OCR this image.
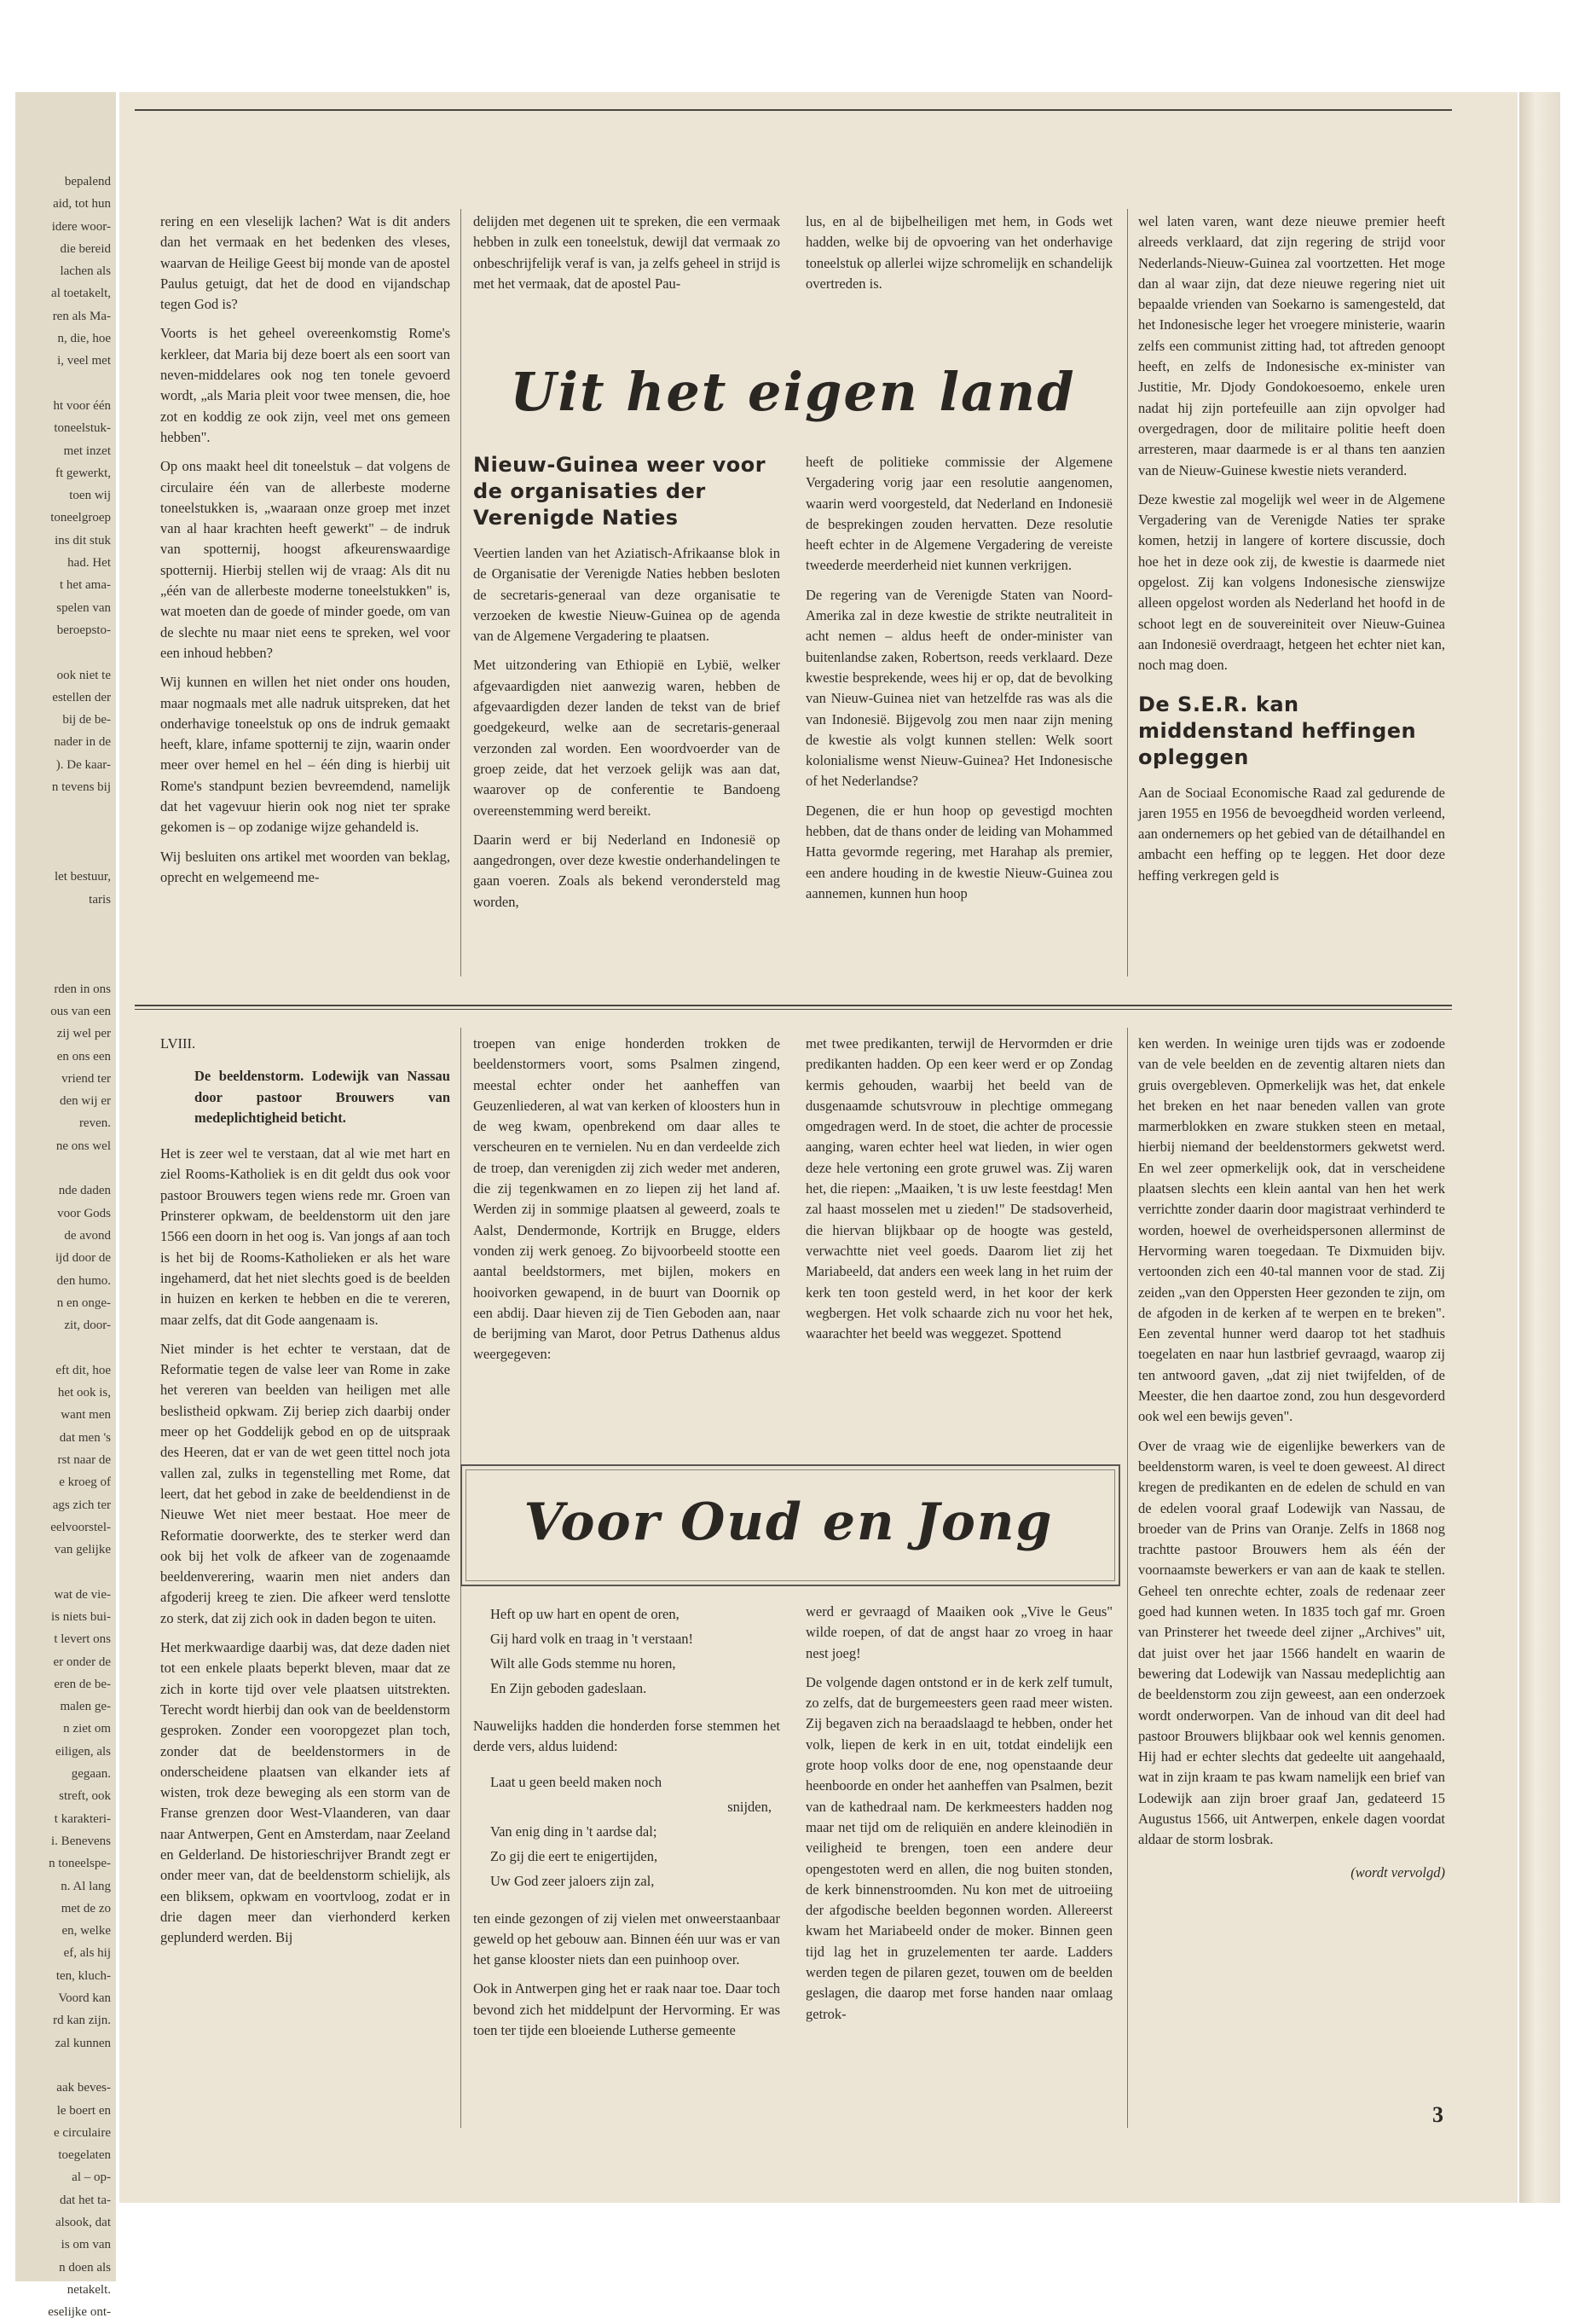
bepalend
aid, tot hun
idere woor-
die bereid
lachen als
al toetakelt,
ren als Ma-
n, die, hoe
i, veel met

ht voor één
toneelstuk-
met inzet
ft gewerkt,
toen wij
toneelgroep
ins dit stuk
had. Het
t het ama-
spelen van
beroepsto-

ook niet te
estellen der
bij de be-
nader in de
). De kaar-
n tevens bij

let bestuur,
taris

rden in ons
ous van een
zij wel per
en ons een
vriend ter
den wij er
reven.
ne ons wel

nde daden
voor Gods
de avond
ijd door de
den humo.
n en onge-
zit, door-

eft dit, hoe
het ook is,
want men
dat men 's
rst naar de
e kroeg of
ags zich ter
eelvoorstel-
van gelijke

wat de vie-
is niets bui-
t levert ons
er onder de
eren de be-
malen ge-
n ziet om
eiligen, als
gegaan.
streft, ook
t karakteri-
i. Benevens
n toneelspe-
n. Al lang
met de zo
en, welke
ef, als hij
ten, kluch-
Voord kan
rd kan zijn.
zal kunnen

aak beves-
le boert en
e circulaire
toegelaten
al – op-
dat het ta-
alsook, dat
is om van
n doen als
netakelt.
eselijke ont-

rering en een vleselijk lachen? Wat is dit anders dan het vermaak en het bedenken des vleses, waarvan de Heilige Geest bij monde van de apostel Paulus getuigt, dat het de dood en vijandschap tegen God is?

Voorts is het geheel overeenkomstig Rome's kerkleer, dat Maria bij deze boert als een soort van neven-middelares ook nog ten tonele gevoerd wordt, „als Maria pleit voor twee mensen, die, hoe zot en koddig ze ook zijn, veel met ons gemeen hebben".

Op ons maakt heel dit toneelstuk – dat volgens de circulaire één van de allerbeste moderne toneelstukken is, „waaraan onze groep met inzet van al haar krachten heeft gewerkt" – de indruk van spotternij, hoogst afkeurenswaardige spotternij. Hierbij stellen wij de vraag: Als dit nu „één van de allerbeste moderne toneelstukken" is, wat moeten dan de goede of minder goede, om van de slechte nu maar niet eens te spreken, wel voor een inhoud hebben?

Wij kunnen en willen het niet onder ons houden, maar nogmaals met alle nadruk uitspreken, dat het onderhavige toneelstuk op ons de indruk gemaakt heeft, klare, infame spotternij te zijn, waarin onder meer over hemel en hel – één ding is hierbij uit Rome's standpunt bezien bevreemdend, namelijk dat het vagevuur hierin ook nog niet ter sprake gekomen is – op zodanige wijze gehandeld is.

Wij besluiten ons artikel met woorden van beklag, oprecht en welgemeend me-

delijden met degenen uit te spreken, die een vermaak hebben in zulk een toneelstuk, dewijl dat vermaak zo onbeschrijfelijk veraf is van, ja zelfs geheel in strijd is met het vermaak, dat de apostel Pau-

lus, en al de bijbelheiligen met hem, in Gods wet hadden, welke bij de opvoering van het onderhavige toneelstuk op allerlei wijze schromelijk en schandelijk overtreden is.

wel laten varen, want deze nieuwe premier heeft alreeds verklaard, dat zijn regering de strijd voor Nederlands-Nieuw-Guinea zal voortzetten. Het moge dan al waar zijn, dat deze nieuwe regering niet uit bepaalde vrienden van Soekarno is samengesteld, dat het Indonesische leger het vroegere ministerie, waarin zelfs een communist zitting had, tot aftreden genoopt heeft, en zelfs de Indonesische ex-minister van Justitie, Mr. Djody Gondokoesoemo, enkele uren nadat hij zijn portefeuille aan zijn opvolger had overgedragen, door de militaire politie heeft doen arresteren, maar daarmede is er al thans ten aanzien van de Nieuw-Guinese kwestie niets veranderd.

Deze kwestie zal mogelijk wel weer in de Algemene Vergadering van de Verenigde Naties ter sprake komen, hetzij in langere of kortere discussie, doch hoe het in deze ook zij, de kwestie is daarmede niet opgelost. Zij kan volgens Indonesische zienswijze alleen opgelost worden als Nederland het hoofd in de schoot legt en de souvereiniteit over Nieuw-Guinea aan Indonesië overdraagt, hetgeen het echter niet kan, noch mag doen.

De S.E.R. kan middenstand heffingen opleggen

Aan de Sociaal Economische Raad zal gedurende de jaren 1955 en 1956 de bevoegdheid worden verleend, aan ondernemers op het gebied van de détailhandel en ambacht een heffing op te leggen. Het door deze heffing verkregen geld is

Uit het eigen land
Nieuw-Guinea weer voor de organisaties der Verenigde Naties

Veertien landen van het Aziatisch-Afrikaanse blok in de Organisatie der Verenigde Naties hebben besloten de secretaris-generaal van deze organisatie te verzoeken de kwestie Nieuw-Guinea op de agenda van de Algemene Vergadering te plaatsen.

Met uitzondering van Ethiopië en Lybië, welker afgevaardigden niet aanwezig waren, hebben de afgevaardigden dezer landen de tekst van de brief goedgekeurd, welke aan de secretaris-generaal verzonden zal worden. Een woordvoerder van de groep zeide, dat het verzoek gelijk was aan dat, waarover op de conferentie te Bandoeng overeenstemming werd bereikt.

Daarin werd er bij Nederland en Indonesië op aangedrongen, over deze kwestie onderhandelingen te gaan voeren. Zoals als bekend verondersteld mag worden,

heeft de politieke commissie der Algemene Vergadering vorig jaar een resolutie aangenomen, waarin werd voorgesteld, dat Nederland en Indonesië de besprekingen zouden hervatten. Deze resolutie heeft echter in de Algemene Vergadering de vereiste tweederde meerderheid niet kunnen verkrijgen.

De regering van de Verenigde Staten van Noord-Amerika zal in deze kwestie de strikte neutraliteit in acht nemen – aldus heeft de onder-minister van buitenlandse zaken, Robertson, reeds verklaard. Deze kwestie besprekende, wees hij er op, dat de bevolking van Nieuw-Guinea niet van hetzelfde ras was als die van Indonesië. Bijgevolg zou men naar zijn mening de kwestie als volgt kunnen stellen: Welk soort kolonialisme wenst Nieuw-Guinea? Het Indonesische of het Nederlandse?

Degenen, die er hun hoop op gevestigd mochten hebben, dat de thans onder de leiding van Mohammed Hatta gevormde regering, met Harahap als premier, een andere houding in de kwestie Nieuw-Guinea zou aannemen, kunnen hun hoop

LVIII.
De beeldenstorm. Lodewijk van Nassau door pastoor Brouwers van medeplichtigheid beticht.

Het is zeer wel te verstaan, dat al wie met hart en ziel Rooms-Katholiek is en dit geldt dus ook voor pastoor Brouwers tegen wiens rede mr. Groen van Prinsterer opkwam, de beeldenstorm uit den jare 1566 een doorn in het oog is. Van jongs af aan toch is het bij de Rooms-Katholieken er als het ware ingehamerd, dat het niet slechts goed is de beelden in huizen en kerken te hebben en die te vereren, maar zelfs, dat dit Gode aangenaam is.

Niet minder is het echter te verstaan, dat de Reformatie tegen de valse leer van Rome in zake het vereren van beelden van heiligen met alle beslistheid opkwam. Zij beriep zich daarbij onder meer op het Goddelijk gebod en op de uitspraak des Heeren, dat er van de wet geen tittel noch jota vallen zal, zulks in tegenstelling met Rome, dat leert, dat het gebod in zake de beeldendienst in de Nieuwe Wet niet meer bestaat. Hoe meer de Reformatie doorwerkte, des te sterker werd dan ook bij het volk de afkeer van de zogenaamde beeldenverering, waarin men niet anders dan afgoderij kreeg te zien. Die afkeer werd tenslotte zo sterk, dat zij zich ook in daden begon te uiten.

Het merkwaardige daarbij was, dat deze daden niet tot een enkele plaats beperkt bleven, maar dat ze zich in korte tijd over vele plaatsen uitstrekten. Terecht wordt hierbij dan ook van de beeldenstorm gesproken. Zonder een vooropgezet plan toch, zonder dat de beeldenstormers in de onderscheidene plaatsen van elkander iets af wisten, trok deze beweging als een storm van de Franse grenzen door West-Vlaanderen, van daar naar Antwerpen, Gent en Amsterdam, naar Zeeland en Gelderland. De historieschrijver Brandt zegt er onder meer van, dat de beeldenstorm schielijk, als een bliksem, opkwam en voortvloog, zodat er in drie dagen meer dan vierhonderd kerken geplunderd werden. Bij

troepen van enige honderden trokken de beeldenstormers voort, soms Psalmen zingend, meestal echter onder het aanheffen van Geuzenliederen, al wat van kerken of kloosters hun in de weg kwam, openbrekend om daar alles te verscheuren en te vernielen. Nu en dan verdeelde zich de troep, dan verenigden zij zich weder met anderen, die zij tegenkwamen en zo liepen zij het land af. Werden zij in sommige plaatsen al geweerd, zoals te Aalst, Dendermonde, Kortrijk en Brugge, elders vonden zij werk genoeg. Zo bijvoorbeeld stootte een aantal beeldstormers, met bijlen, mokers en hooivorken gewapend, in de buurt van Doornik op een abdij. Daar hieven zij de Tien Geboden aan, naar de berijming van Marot, door Petrus Dathenus aldus weergegeven:

met twee predikanten, terwijl de Hervormden er drie predikanten hadden. Op een keer werd er op Zondag kermis gehouden, waarbij het beeld van de dusgenaamde schutsvrouw in plechtige ommegang omgedragen werd. In de stoet, die achter de processie aanging, waren echter heel wat lieden, in wier ogen deze hele vertoning een grote gruwel was. Zij waren het, die riepen: „Maaiken, 't is uw leste feestdag! Men zal haast mosselen met u zieden!" De stadsoverheid, die hiervan blijkbaar op de hoogte was gesteld, verwachtte niet veel goeds. Daarom liet zij het Mariabeeld, dat anders een week lang in het ruim der kerk ten toon gesteld werd, in het koor der kerk wegbergen. Het volk schaarde zich nu voor het hek, waarachter het beeld was weggezet. Spottend

ken werden. In weinige uren tijds was er zodoende van de vele beelden en de zeventig altaren niets dan gruis overgebleven. Opmerkelijk was het, dat enkele het breken en het naar beneden vallen van grote marmerblokken en zware stukken steen en metaal, hierbij niemand der beeldenstormers gekwetst werd. En wel zeer opmerkelijk ook, dat in verscheidene plaatsen slechts een klein aantal van hen het werk verrichtte zonder daarin door magistraat verhinderd te worden, hoewel de overheidspersonen allerminst de Hervorming waren toegedaan. Te Dixmuiden bijv. vertoonden zich een 40-tal mannen voor de stad. Zij zeiden „van den Oppersten Heer gezonden te zijn, om de afgoden in de kerken af te werpen en te breken". Een zevental hunner werd daarop tot het stadhuis toegelaten en naar hun lastbrief gevraagd, waarop zij ten antwoord gaven, „dat zij niet twijfelden, of de Meester, die hen daartoe zond, zou hun desgevorderd ook wel een bewijs geven".

Over de vraag wie de eigenlijke bewerkers van de beeldenstorm waren, is veel te doen geweest. Al direct kregen de predikanten en de edelen de schuld en van de edelen vooral graaf Lodewijk van Nassau, de broeder van de Prins van Oranje. Zelfs in 1868 nog trachtte pastoor Brouwers hem als één der voornaamste bewerkers er van aan de kaak te stellen. Geheel ten onrechte echter, zoals de redenaar zeer goed had kunnen weten. In 1835 toch gaf mr. Groen van Prinsterer het tweede deel zijner „Archives" uit, dat juist over het jaar 1566 handelt en waarin de bewering dat Lodewijk van Nassau medeplichtig aan de beeldenstorm zou zijn geweest, aan een onderzoek wordt onderworpen. Van de inhoud van dit deel had pastoor Brouwers blijkbaar ook wel kennis genomen. Hij had er echter slechts dat gedeelte uit aangehaald, wat in zijn kraam te pas kwam namelijk een brief van Lodewijk aan zijn broer graaf Jan, gedateerd 15 Augustus 1566, uit Antwerpen, enkele dagen voordat aldaar de storm losbrak.

(wordt vervolgd)
Voor Oud en Jong
Heft op uw hart en opent de oren,
Gij hard volk en traag in 't verstaan!
Wilt alle Gods stemme nu horen,
En Zijn geboden gadeslaan.

Nauwelijks hadden die honderden forse stemmen het derde vers, aldus luidend:

Laat u geen beeld maken noch
snijden,
Van enig ding in 't aardse dal;
Zo gij die eert te enigertijden,
Uw God zeer jaloers zijn zal,

ten einde gezongen of zij vielen met onweerstaanbaar geweld op het gebouw aan. Binnen één uur was er van het ganse klooster niets dan een puinhoop over.

Ook in Antwerpen ging het er raak naar toe. Daar toch bevond zich het middelpunt der Hervorming. Er was toen ter tijde een bloeiende Lutherse gemeente

werd er gevraagd of Maaiken ook „Vive le Geus" wilde roepen, of dat de angst haar zo vroeg in haar nest joeg!

De volgende dagen ontstond er in de kerk zelf tumult, zo zelfs, dat de burgemeesters geen raad meer wisten. Zij begaven zich na beraadslaagd te hebben, onder het volk, liepen de kerk in en uit, totdat eindelijk een grote hoop volks door de ene, nog openstaande deur heenboorde en onder het aanheffen van Psalmen, bezit van de kathedraal nam. De kerkmeesters hadden nog maar net tijd om de reliquiën en andere kleinodiën in veiligheid te brengen, toen een andere deur opengestoten werd en allen, die nog buiten stonden, de kerk binnenstroomden. Nu kon met de uitroeiing der afgodische beelden begonnen worden. Allereerst kwam het Mariabeeld onder de moker. Binnen geen tijd lag het in gruzelementen ter aarde. Ladders werden tegen de pilaren gezet, touwen om de beelden geslagen, die daarop met forse handen naar omlaag getrok-

3
